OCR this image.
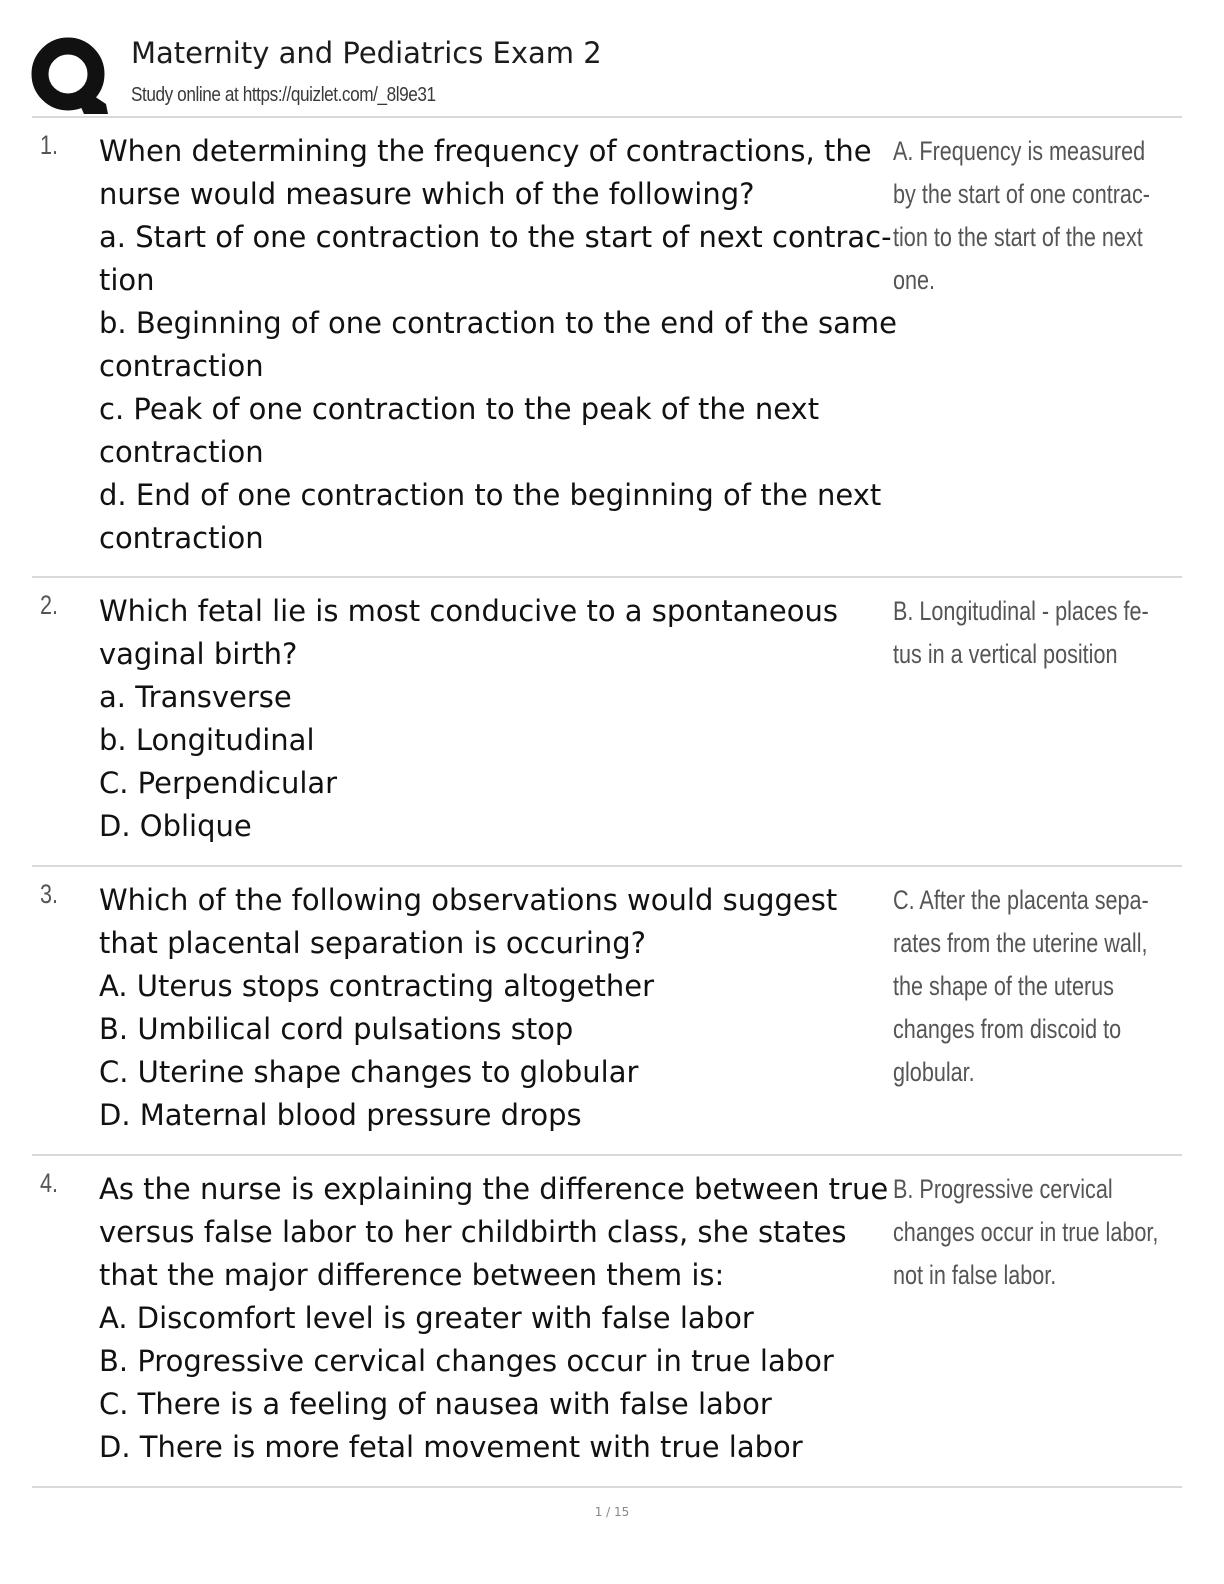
Maternity and Pediatrics Exam 2
Study online at https://quizlet.com/_8l9e31
1. When determining the frequency of contractions, the
nurse would measure which of the following?
a. Start of one contraction to the start of next contrac-
tion
b. Beginning of one contraction to the end of the same
contraction
c. Peak of one contraction to the peak of the next
contraction
d. End of one contraction to the beginning of the next
contraction
A. Frequency is measured
by the start of one contrac-
tion to the start of the next
one.
2. Which fetal lie is most conducive to a spontaneous
vaginal birth?
a. Transverse
b. Longitudinal
C. Perpendicular
D. Oblique
B. Longitudinal - places fe-
tus in a vertical position
3. Which of the following observations would suggest
that placental separation is occuring?
A. Uterus stops contracting altogether
B. Umbilical cord pulsations stop
C. Uterine shape changes to globular
D. Maternal blood pressure drops
C. After the placenta sepa-
rates from the uterine wall,
the shape of the uterus
changes from discoid to
globular.
4. As the nurse is explaining the difference between true
versus false labor to her childbirth class, she states
that the major difference between them is:
A. Discomfort level is greater with false labor
B. Progressive cervical changes occur in true labor
C. There is a feeling of nausea with false labor
D. There is more fetal movement with true labor
B. Progressive cervical
changes occur in true labor,
not in false labor.
1 / 15
